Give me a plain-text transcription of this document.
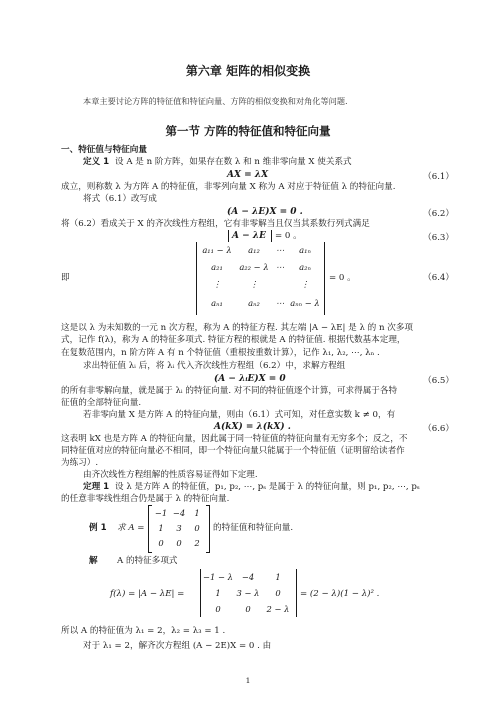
第六章 矩阵的相似变换
本章主要讨论方阵的特征值和特征向量、方阵的相似变换和对角化等问题.
第一节 方阵的特征值和特征向量
一、特征值与特征向量
定义 1 设 A 是 n 阶方阵，如果存在数 λ 和 n 维非零向量 X 使关系式
AX = λX	（6.1）
成立，则称数 λ 为方阵 A 的特征值，非零列向量 X 称为 A 对应于特征值 λ 的特征向量.
将式（6.1）改写成
(A − λE)X = 0 .	（6.2）
将（6.2）看成关于 X 的齐次线性方程组，它有非零解当且仅当其系数行列式满足
A − λE = 0 。	（6.3）
即
a₁₁ − λ	a₁₂	⋯	a₁ₙ
a₂₁	a₂₂ − λ ⋯	a₂ₙ
⋮	⋮	⋮
aₙ₁	aₙ₂	⋯ aₙₙ − λ
= 0 。	（6.4）
这是以 λ 为未知数的一元 n 次方程，称为 A 的特征方程. 其左端 |A − λE| 是 λ 的 n 次多项
式，记作 f(λ)，称为 A 的特征多项式. 特征方程的根就是 A 的特征值. 根据代数基本定理，
在复数范围内，n 阶方阵 A 有 n 个特征值（重根按重数计算），记作 λ₁, λ₂, ⋯, λₙ .
求出特征值 λᵢ 后，将 λᵢ 代入齐次线性方程组（6.2）中，求解方程组
(A − λᵢE)X = 0	（6.5）
的所有非零解向量，就是属于 λᵢ 的特征向量. 对不同的特征值逐个计算，可求得属于各特
征值的全部特征向量.
若非零向量 X 是方阵 A 的特征向量，则由（6.1）式可知，对任意实数 k ≠ 0，有
A(kX) = λ(kX) .	（6.6）
这表明 kX 也是方阵 A 的特征向量，因此属于同一特征值的特征向量有无穷多个；反之，不
同特征值对应的特征向量必不相同，即一个特征向量只能属于一个特征值（证明留给读者作
为练习）.
由齐次线性方程组解的性质容易证得如下定理.
定理 1 设 λ 是方阵 A 的特征值，p₁, p₂, ⋯, pₛ 是属于 λ 的特征向量，则 p₁, p₂, ⋯, pₛ
的任意非零线性组合仍是属于 λ 的特征向量.
例 1 求 A =
−1 −4	1
1	3	0
0	0	2
的特征值和特征向量.
解 A 的特征多项式
f(λ) = |A − λE| =
−1 − λ	−4	1
1	3 − λ	0
0	0	2 − λ
= (2 − λ)(1 − λ)² .
所以 A 的特征值为 λ₁ = 2，λ₂ = λ₃ = 1 .
对于 λ₁ = 2，解齐次方程组 (A − 2E)X = 0 . 由
1
